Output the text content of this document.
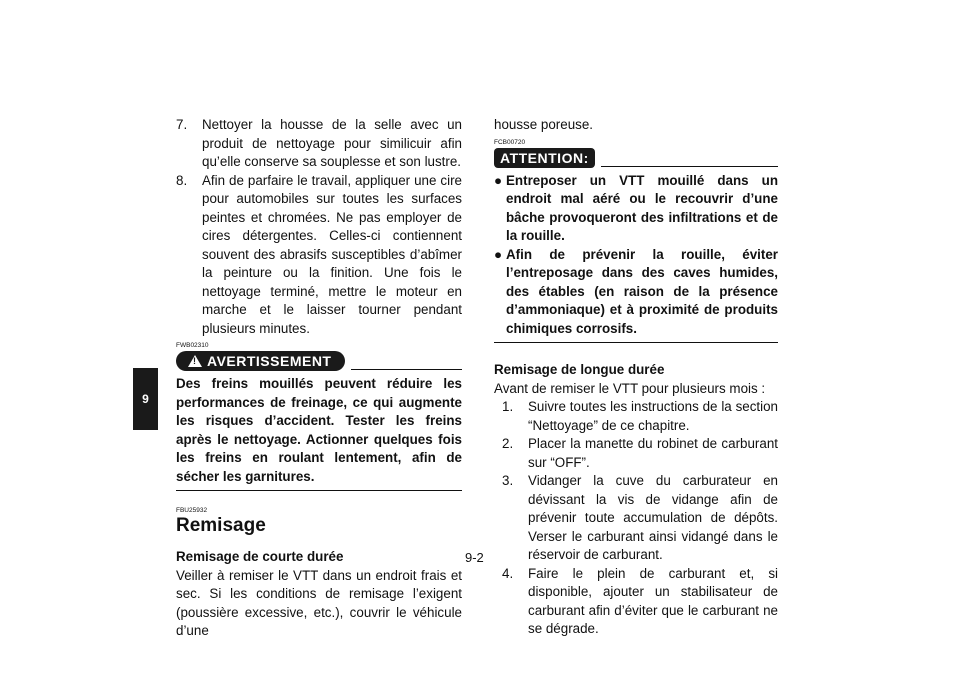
9
7.	Nettoyer la housse de la selle avec un produit de nettoyage pour similicuir afin qu’elle conserve sa souplesse et son lustre.
8.	Afin de parfaire le travail, appliquer une cire pour automobiles sur toutes les surfaces peintes et chromées. Ne pas employer de cires détergentes. Celles-ci contiennent souvent des abrasifs susceptibles d’abîmer la peinture ou la finition. Une fois le nettoyage terminé, mettre le moteur en marche et le laisser tourner pendant plusieurs minutes.
FWB02310
!
AVERTISSEMENT

Des freins mouillés peuvent réduire les performances de freinage, ce qui augmente les risques d’accident. Tester les freins après le nettoyage. Actionner quelques fois les freins en roulant lentement, afin de sécher les garnitures.

FBU25932
Remisage
Remisage de courte durée

Veiller à remiser le VTT dans un endroit frais et sec. Si les conditions de remisage l’exigent (poussière excessive, etc.), couvrir le véhicule d’une

housse poreuse.

FCB00720
ATTENTION:
● Entreposer un VTT mouillé dans un endroit mal aéré ou le recouvrir d’une bâche provoqueront des infiltrations et de la rouille.
● Afin de prévenir la rouille, éviter l’entreposage dans des caves humides, des étables (en raison de la présence d’ammoniaque) et à proximité de produits chimiques corrosifs.
Remisage de longue durée

Avant de remiser le VTT pour plusieurs mois :

1.	Suivre toutes les instructions de la section “Nettoyage” de ce chapitre.
2.	Placer la manette du robinet de carburant sur “OFF”.
3.	Vidanger la cuve du carburateur en dévissant la vis de vidange afin de prévenir toute accumulation de dépôts. Verser le carburant ainsi vidangé dans le réservoir de carburant.
4.	Faire le plein de carburant et, si disponible, ajouter un stabilisateur de carburant afin d’éviter que le carburant ne se dégrade.
9-2
